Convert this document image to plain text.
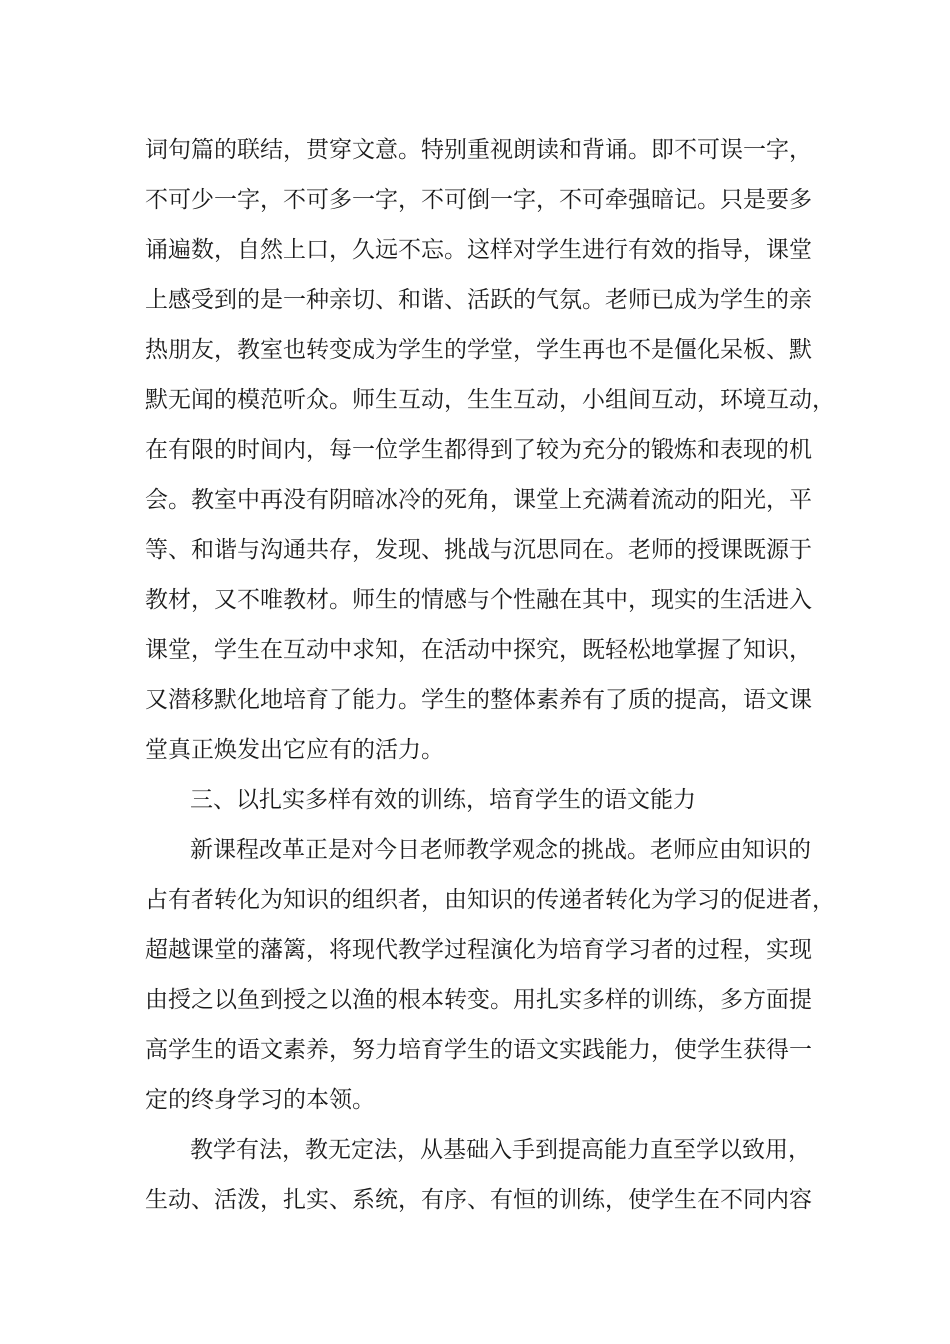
词句篇的联结，贯穿文意。特别重视朗读和背诵。即不可误一字，
不可少一字，不可多一字，不可倒一字，不可牵强暗记。只是要多
诵遍数，自然上口，久远不忘。这样对学生进行有效的指导，课堂
上感受到的是一种亲切、和谐、活跃的气氛。老师已成为学生的亲
热朋友，教室也转变成为学生的学堂，学生再也不是僵化呆板、默
默无闻的模范听众。师生互动，生生互动，小组间互动，环境互动，
在有限的时间内，每一位学生都得到了较为充分的锻炼和表现的机
会。教室中再没有阴暗冰冷的死角，课堂上充满着流动的阳光，平
等、和谐与沟通共存，发现、挑战与沉思同在。老师的授课既源于
教材，又不唯教材。师生的情感与个性融在其中，现实的生活进入
课堂，学生在互动中求知，在活动中探究，既轻松地掌握了知识，
又潜移默化地培育了能力。学生的整体素养有了质的提高，语文课
堂真正焕发出它应有的活力。
三、以扎实多样有效的训练，培育学生的语文能力
新课程改革正是对今日老师教学观念的挑战。老师应由知识的
占有者转化为知识的组织者，由知识的传递者转化为学习的促进者，
超越课堂的藩篱，将现代教学过程演化为培育学习者的过程，实现
由授之以鱼到授之以渔的根本转变。用扎实多样的训练，多方面提
高学生的语文素养，努力培育学生的语文实践能力，使学生获得一
定的终身学习的本领。
教学有法，教无定法，从基础入手到提高能力直至学以致用，
生动、活泼，扎实、系统，有序、有恒的训练，使学生在不同内容
